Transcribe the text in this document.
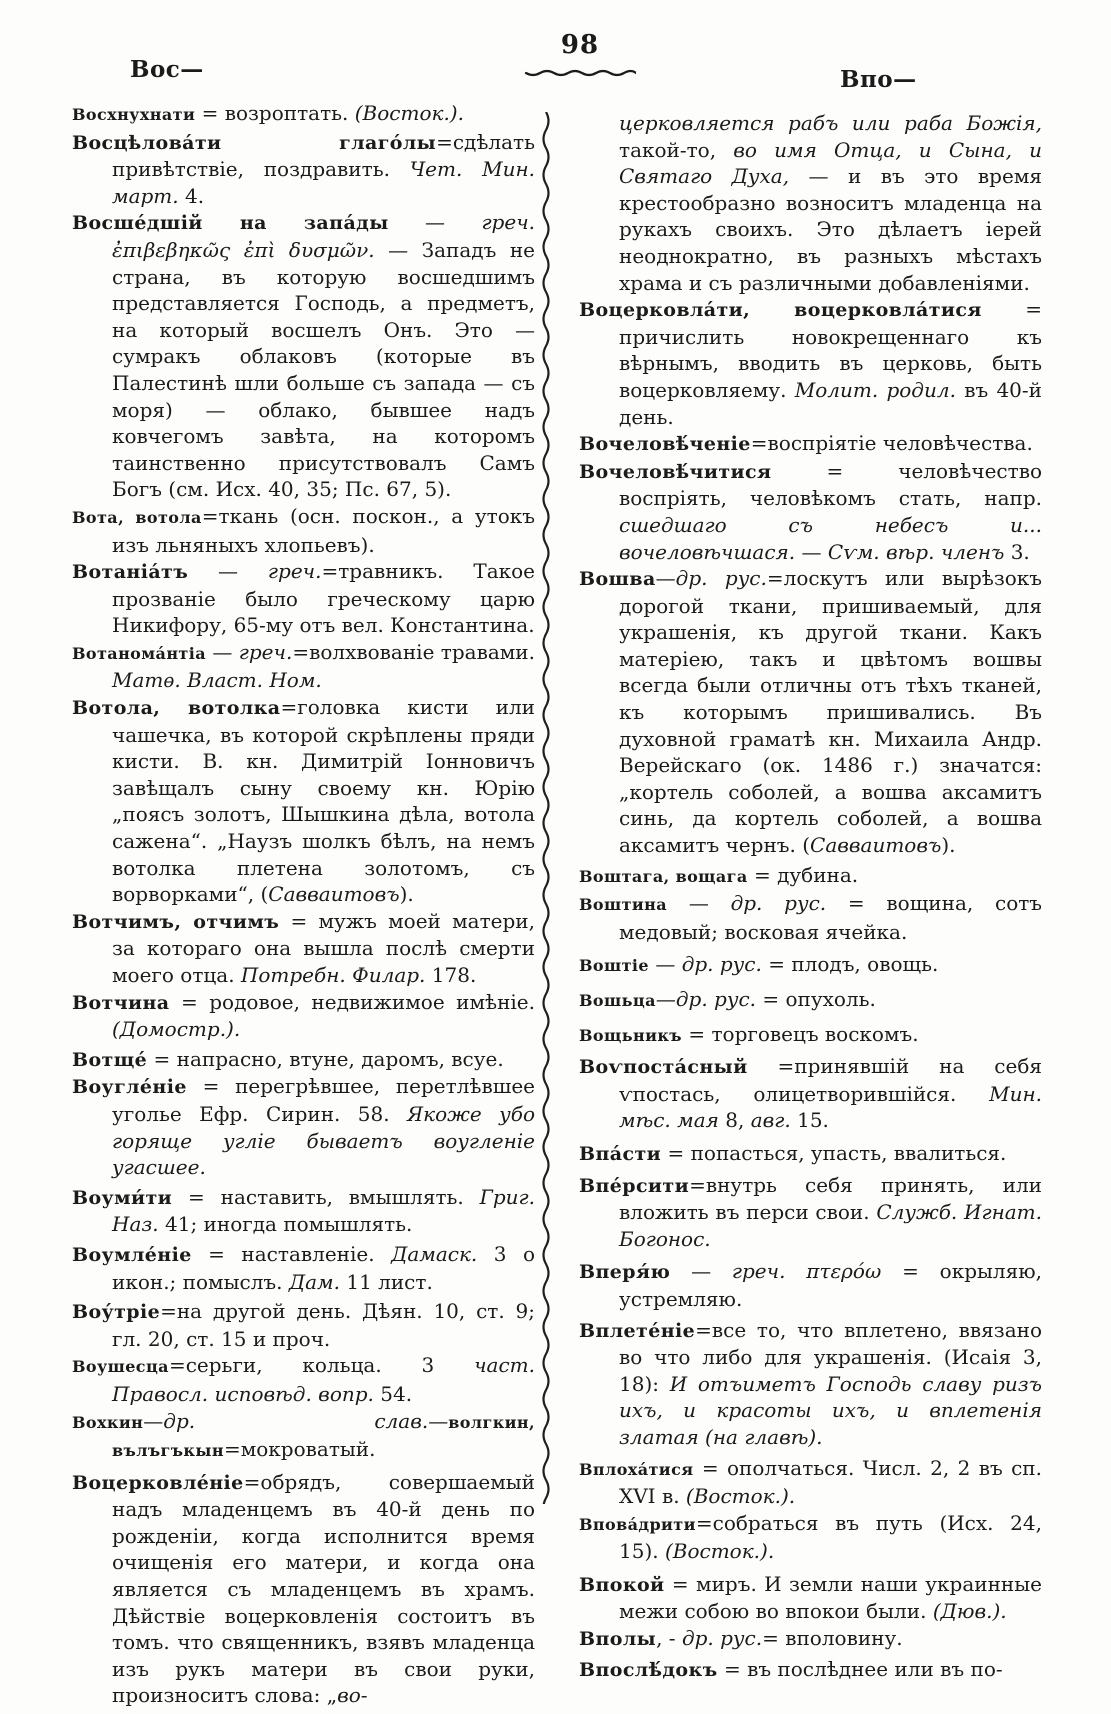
98
Вос—	Впо—

Восхнухнати = возроптать. (Восток.).

Восцѣлова́ти глаго́лы=сдѣлать привѣтствіе, поздравить. Чет. Мин. март. 4.

Восше́дшій на запа́ды — греч. ἐπιβεβηκῶς ἐπὶ δυσμῶν. — Западъ не страна, въ которую восшедшимъ представляется Господь, а предметъ, на который восшелъ Онъ. Это — сумракъ облаковъ (которые въ Палестинѣ шли больше съ запада — съ моря) — облако, бывшее надъ ковчегомъ завѣта, на которомъ таинственно присутствовалъ Самъ Богъ (см. Исх. 40, 35; Пс. 67, 5).

Вота, вотола=ткань (осн. поскон., а утокъ изъ льняныхъ хлопьевъ).

Вотаніа́тъ — греч.=травникъ. Такое прозваніе было греческому царю Никифору, 65-му отъ вел. Константина.

Вотанома́нтіа — греч.=волхвованіе травами. Матѳ. Власт. Ном.

Вотола, вотолка=головка кисти или чашечка, въ которой скрѣплены пряди кисти. В. кн. Димитрій Іонновичъ завѣщалъ сыну своему кн. Юрію „поясъ золотъ, Шышкина дѣла, вотола сажена“. „Наузъ шолкъ бѣлъ, на немъ вотолка плетена золотомъ, съ ворворками“, (Савваитовъ).

Вотчимъ, отчимъ = мужъ моей матери, за котораго она вышла послѣ смерти моего отца. Потребн. Филар. 178.

Вотчина = родовое, недвижимое имѣніе. (Домостр.).

Вотще́ = напрасно, втуне, даромъ, всуе.

Воугле́ніе = перегрѣвшее, перетлѣвшее уголье Ефр. Сирин. 58. Якоже убо горяще угліе бываетъ воугленіе угасшее.

Воуми́ти = наставить, вмышлять. Григ. Наз. 41; иногда помышлять.

Воумле́ніе = наставленіе. Дамаск. 3 о икон.; помыслъ. Дам. 11 лист.

Воу́тріе=на другой день. Дѣян. 10, ст. 9; гл. 20, ст. 15 и проч.

Воушесца=серьги, кольца. 3 част. Правосл. исповѣд. вопр. 54.

Вохкин—др. слав.—волгкин, вълъгъкын=мокроватый.

Воцерковле́ніе=обрядъ, совершаемый надъ младенцемъ въ 40-й день по рожденіи, когда исполнится время очищенія его матери, и когда она является съ младенцемъ въ храмъ. Дѣйствіе воцерковленія состоитъ въ томъ. что священникъ, взявъ младенца изъ рукъ матери въ свои руки, произноситъ слова: „во-

церковляется рабъ или раба Божія, такой-то, во имя Отца, и Сына, и Святаго Духа, — и въ это время крестообразно возноситъ младенца на рукахъ своихъ. Это дѣлаетъ іерей неоднократно, въ разныхъ мѣстахъ храма и съ различными добавленіями.

Воцерковла́ти, воцерковла́тися = причислить новокрещеннаго къ вѣрнымъ, вводить въ церковь, быть воцерковляему. Молит. родил. въ 40-й день.

Вочеловѣ́ченіе=воспріятіе человѣчества.

Вочеловѣ́читися = человѣчество воспріять, человѣкомъ стать, напр. сшедшаго съ небесъ и... вочеловѣчшася. — Сѵм. вѣр. членъ 3.

Вошва—др. рус.=лоскутъ или вырѣзокъ дорогой ткани, пришиваемый, для украшенія, къ другой ткани. Какъ матеріею, такъ и цвѣтомъ вошвы всегда были отличны отъ тѣхъ тканей, къ которымъ пришивались. Въ духовной граматѣ кн. Михаила Андр. Верейскаго (ок. 1486 г.) значатся: „кортель соболей, а вошва аксамитъ синь, да кортель соболей, а вошва аксамитъ чернъ. (Савваитовъ).

Воштага, вощага = дубина.

Воштина — др. рус. = вощина, сотъ медовый; восковая ячейка.

Воштіе — др. рус. = плодъ, овощь.

Вошьца—др. рус. = опухоль.

Вощьникъ = торговецъ воскомъ.

Воѵпоста́сный =принявшій на себя ѵпостась, олицетворившійся. Мин. мѣс. мая 8, авг. 15.

Впа́сти = попасться, упасть, ввалиться.

Впе́рсити=внутрь себя принять, или вложить въ перси свои. Служб. Игнат. Богонос.

Вперя́ю — греч. πτερόω = окрыляю, устремляю.

Вплете́ніе=все то, что вплетено, ввязано во что либо для украшенія. (Исаія 3, 18): И отъиметъ Господь славу ризъ ихъ, и красоты ихъ, и вплетенія златая (на главѣ).

Вплоха́тися = ополчаться. Числ. 2, 2 въ сп. XVI в. (Восток.).

Впова́дрити=собраться въ путь (Исх. 24, 15). (Восток.).

Впокой = миръ. И земли наши украинные межи собою во впокои были. (Дюв.).

Вполы, - др. рус.= вполовину.

Впослѣ́докъ = въ послѣднее или въ по-
